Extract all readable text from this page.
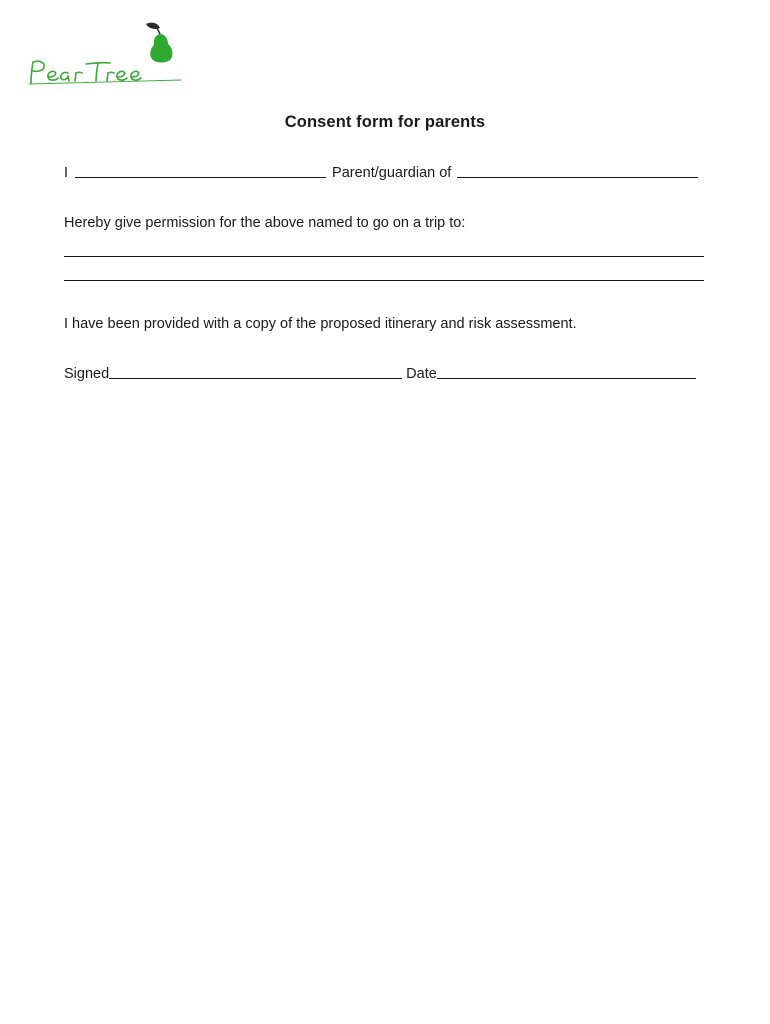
Consent form for parents
I	Parent/guardian of
Hereby give permission for the above named to go on a trip to:
I have been provided with a copy of the proposed itinerary and risk assessment.
Signed	Date
